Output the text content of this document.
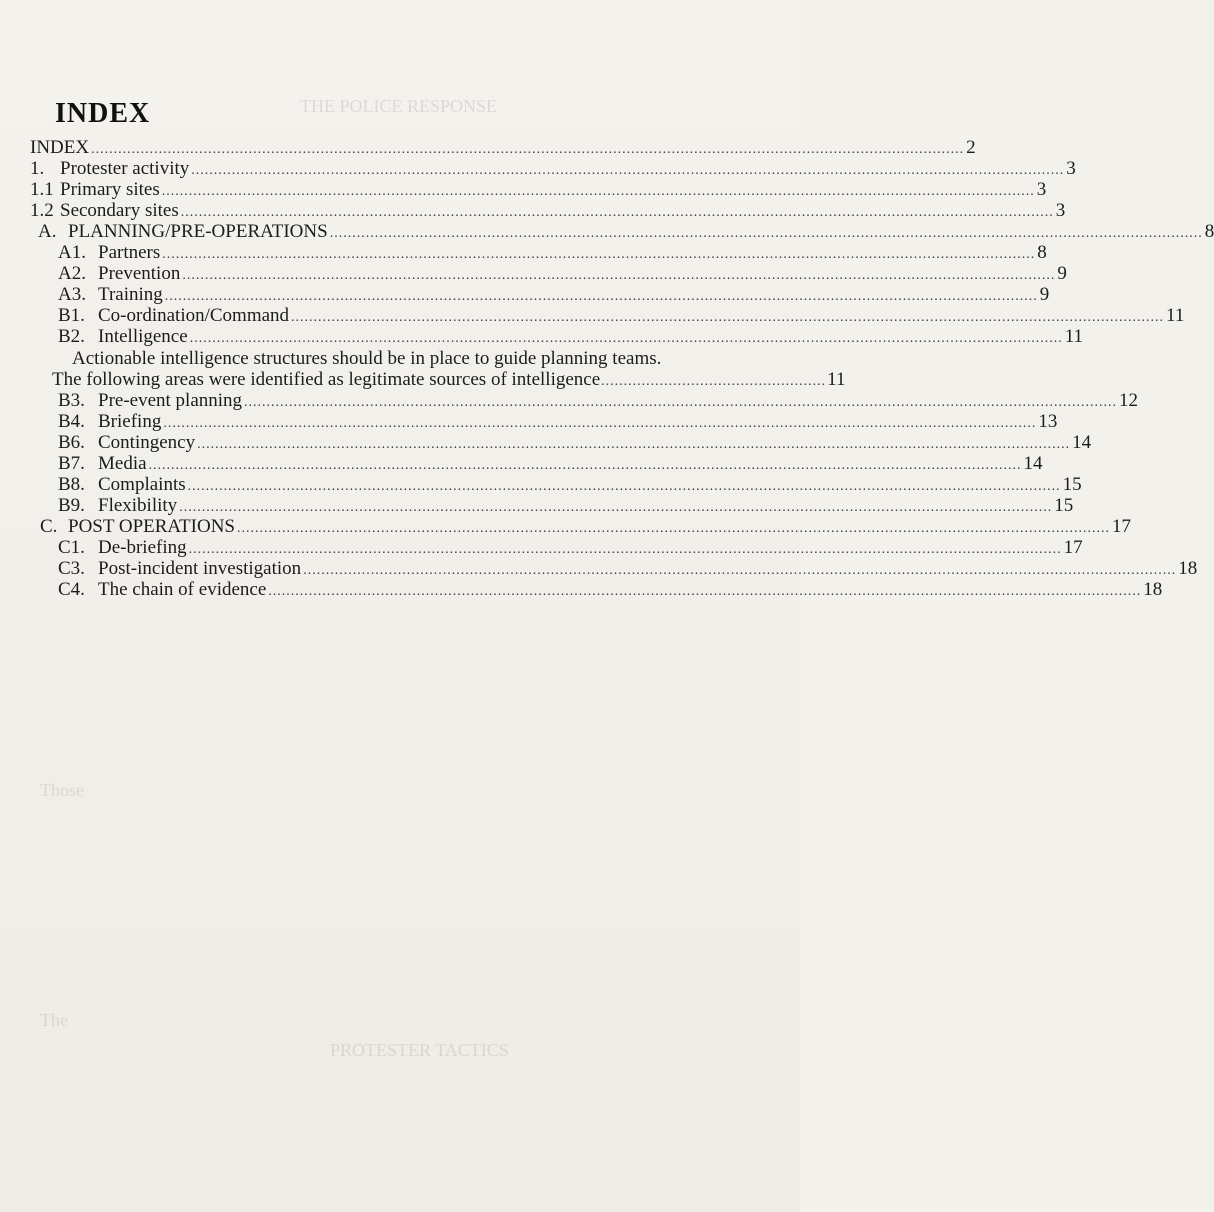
THE POLICE RESPONSE
Those
The
PROTESTER TACTICS
INDEX
INDEX .................................................................................................................................................................................................. 2
1. Protester activity .................................................................................................................................................................................................. 3
1.1 Primary sites .................................................................................................................................................................................................. 3
1.2 Secondary sites .................................................................................................................................................................................................. 3
A. PLANNING/PRE-OPERATIONS .................................................................................................................................................................................................. 8
A1. Partners .................................................................................................................................................................................................. 8
A2. Prevention .................................................................................................................................................................................................. 9
A3. Training .................................................................................................................................................................................................. 9
B1. Co-ordination/Command .................................................................................................................................................................................................. 11
B2. Intelligence .................................................................................................................................................................................................. 11
Actionable intelligence structures should be in place to guide planning teams.
The following areas were identified as legitimate sources of intelligence .................................................. 11
B3. Pre-event planning .................................................................................................................................................................................................. 12
B4. Briefing .................................................................................................................................................................................................. 13
B6. Contingency .................................................................................................................................................................................................. 14
B7. Media .................................................................................................................................................................................................. 14
B8. Complaints .................................................................................................................................................................................................. 15
B9. Flexibility .................................................................................................................................................................................................. 15
C. POST OPERATIONS .................................................................................................................................................................................................. 17
C1. De-briefing .................................................................................................................................................................................................. 17
C3. Post-incident investigation .................................................................................................................................................................................................. 18
C4. The chain of evidence .................................................................................................................................................................................................. 18
